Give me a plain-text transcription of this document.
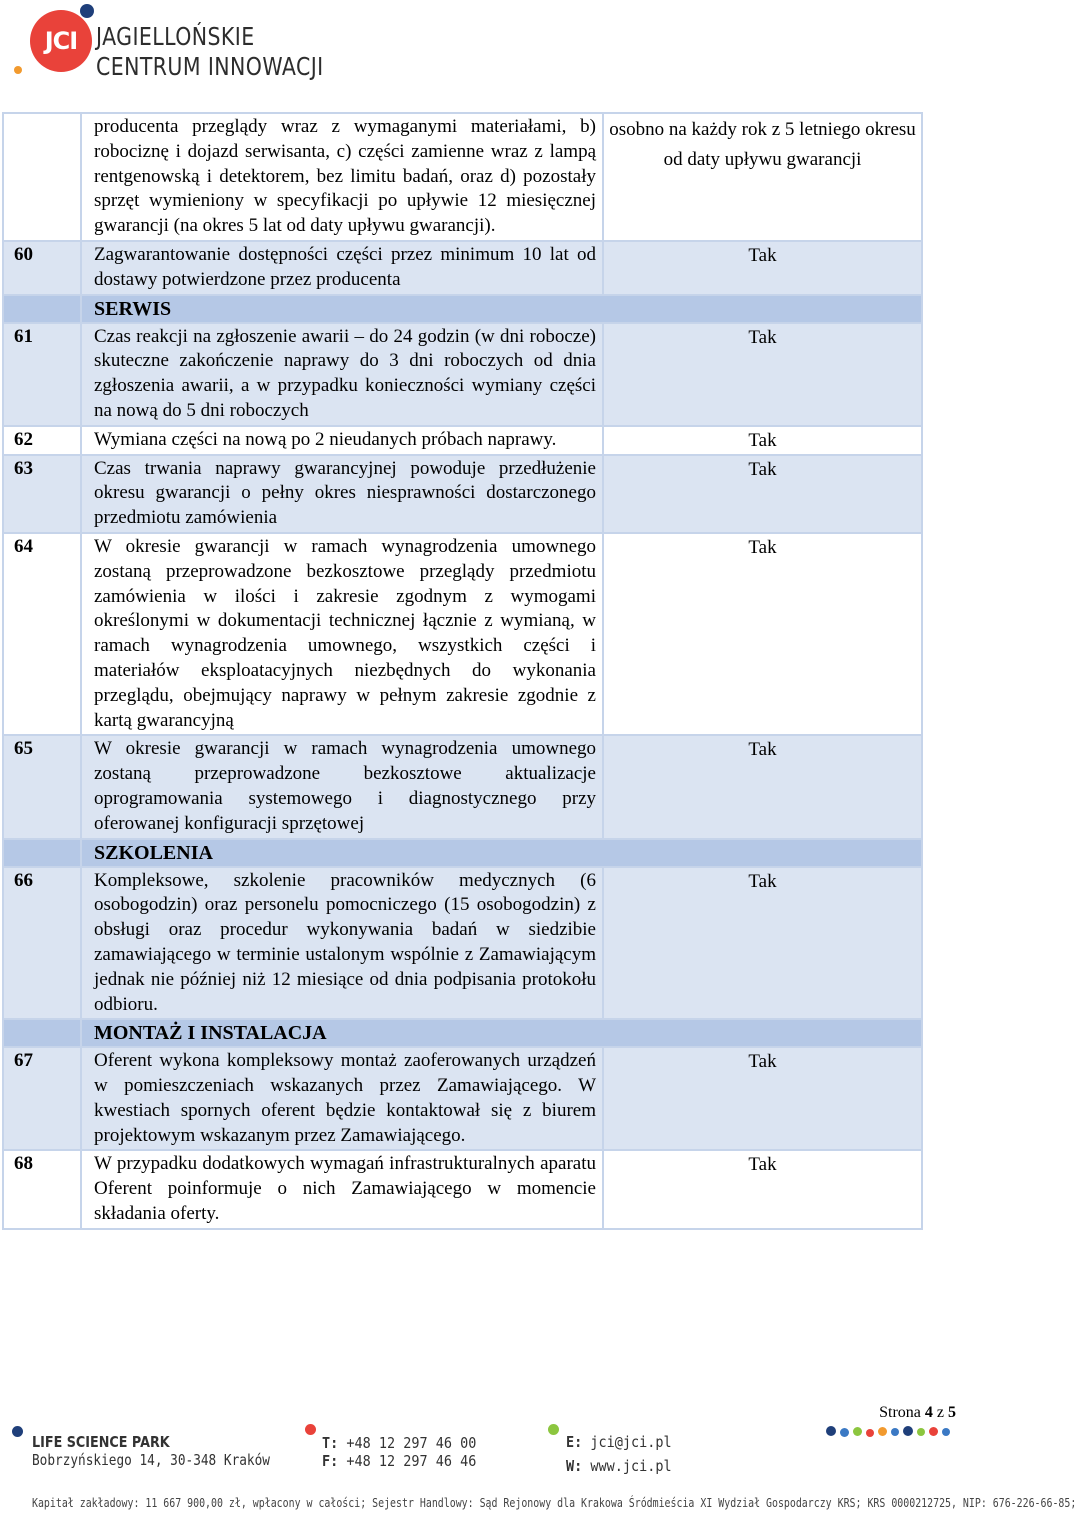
JCI JAGIELLOŃSKIE
CENTRUM INNOWACJI
	producenta przeglądy wraz z wymaganymi materiałami, b) robociznę i dojazd serwisanta, c) części zamienne wraz z lampą rentgenowską i detektorem, bez limitu badań, oraz d) pozostały sprzęt wymieniony w specyfikacji po upływie 12 miesięcznej gwarancji (na okres 5 lat od daty upływu gwarancji).	osobno na każdy rok z 5 letniego okresu od daty upływu gwarancji
60	Zagwarantowanie dostępności części przez minimum 10 lat od dostawy potwierdzone przez producenta	Tak
	SERWIS	
61	Czas reakcji na zgłoszenie awarii – do 24 godzin (w dni robocze) skuteczne zakończenie naprawy do 3 dni roboczych od dnia zgłoszenia awarii, a w przypadku konieczności wymiany części na nową do 5 dni roboczych	Tak
62	Wymiana części na nową po 2 nieudanych próbach naprawy.	Tak
63	Czas trwania naprawy gwarancyjnej powoduje przedłużenie okresu gwarancji o pełny okres niesprawności dostarczonego przedmiotu zamówienia	Tak
64	W okresie gwarancji w ramach wynagrodzenia umownego zostaną przeprowadzone bezkosztowe przeglądy przedmiotu zamówienia w ilości i zakresie zgodnym z wymogami określonymi w dokumentacji technicznej łącznie z wymianą, w ramach wynagrodzenia umownego, wszystkich części i materiałów eksploatacyjnych niezbędnych do wykonania przeglądu, obejmujący naprawy w pełnym zakresie zgodnie z kartą gwarancyjną	Tak
65	W okresie gwarancji w ramach wynagrodzenia umownego zostaną przeprowadzone bezkosztowe aktualizacje oprogramowania systemowego i diagnostycznego przy oferowanej konfiguracji sprzętowej	Tak
	SZKOLENIA	
66	Kompleksowe, szkolenie pracowników medycznych (6 osobogodzin) oraz personelu pomocniczego (15 osobogodzin) z obsługi oraz procedur wykonywania badań w siedzibie zamawiającego w terminie ustalonym wspólnie z Zamawiającym jednak nie później niż 12 miesiące od dnia podpisania protokołu odbioru.	Tak
	MONTAŻ I INSTALACJA	
67	Oferent wykona kompleksowy montaż zaoferowanych urządzeń w pomieszczeniach wskazanych przez Zamawiającego. W kwestiach spornych oferent będzie kontaktował się z biurem projektowym wskazanym przez Zamawiającego.	Tak
68	W przypadku dodatkowych wymagań infrastrukturalnych aparatu Oferent poinformuje o nich Zamawiającego w momencie składania oferty.	Tak
Strona 4 z 5
LIFE SCIENCE PARK
Bobrzyńskiego 14, 30-348 Kraków
T: +48 12 297 46 00
F: +48 12 297 46 46
E: jci@jci.pl
W: www.jci.pl
Kapitał zakładowy: 11 667 900,00 zł, wpłacony w całości; Sejestr Handlowy: Sąd Rejonowy dla Krakowa Śródmieścia XI Wydział Gospodarczy KRS; KRS 0000212725, NIP: 676-226-66-85;
